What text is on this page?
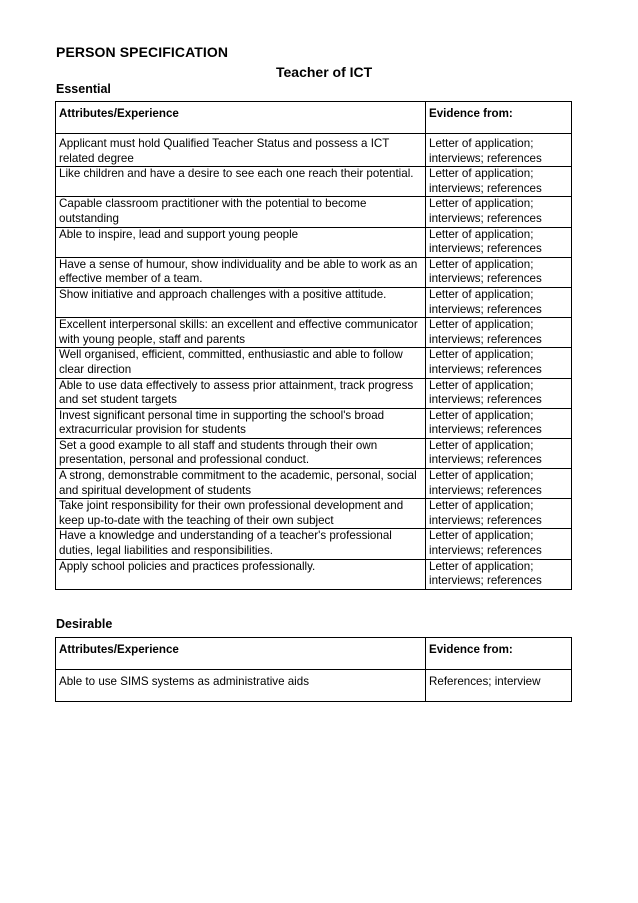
PERSON SPECIFICATION
Teacher of ICT
Essential
Attributes/Experience	Evidence from:
Applicant must hold Qualified Teacher Status and possess a ICT related degree	Letter of application; interviews; references
Like children and have a desire to see each one reach their potential.	Letter of application; interviews; references
Capable classroom practitioner with the potential to become outstanding	Letter of application; interviews; references
Able to inspire, lead and support young people	Letter of application; interviews; references
Have a sense of humour, show individuality and be able to work as an effective member of a team.	Letter of application; interviews; references
Show initiative and approach challenges with a positive attitude.	Letter of application; interviews; references
Excellent interpersonal skills: an excellent and effective communicator with young people, staff and parents	Letter of application; interviews; references
Well organised, efficient, committed, enthusiastic and able to follow clear direction	Letter of application; interviews; references
Able to use data effectively to assess prior attainment, track progress and set student targets	Letter of application; interviews; references
Invest significant personal time in supporting the school's broad extracurricular provision for students	Letter of application; interviews; references
Set a good example to all staff and students through their own presentation, personal and professional conduct.	Letter of application; interviews; references
A strong, demonstrable commitment to the academic, personal, social and spiritual development of students	Letter of application; interviews; references
Take joint responsibility for their own professional development and keep up-to-date with the teaching of their own subject	Letter of application; interviews; references
Have a knowledge and understanding of a teacher's professional duties, legal liabilities and responsibilities.	Letter of application; interviews; references
Apply school policies and practices professionally.	Letter of application; interviews; references
Desirable
Attributes/Experience	Evidence from:
Able to use SIMS systems as administrative aids	References; interview
